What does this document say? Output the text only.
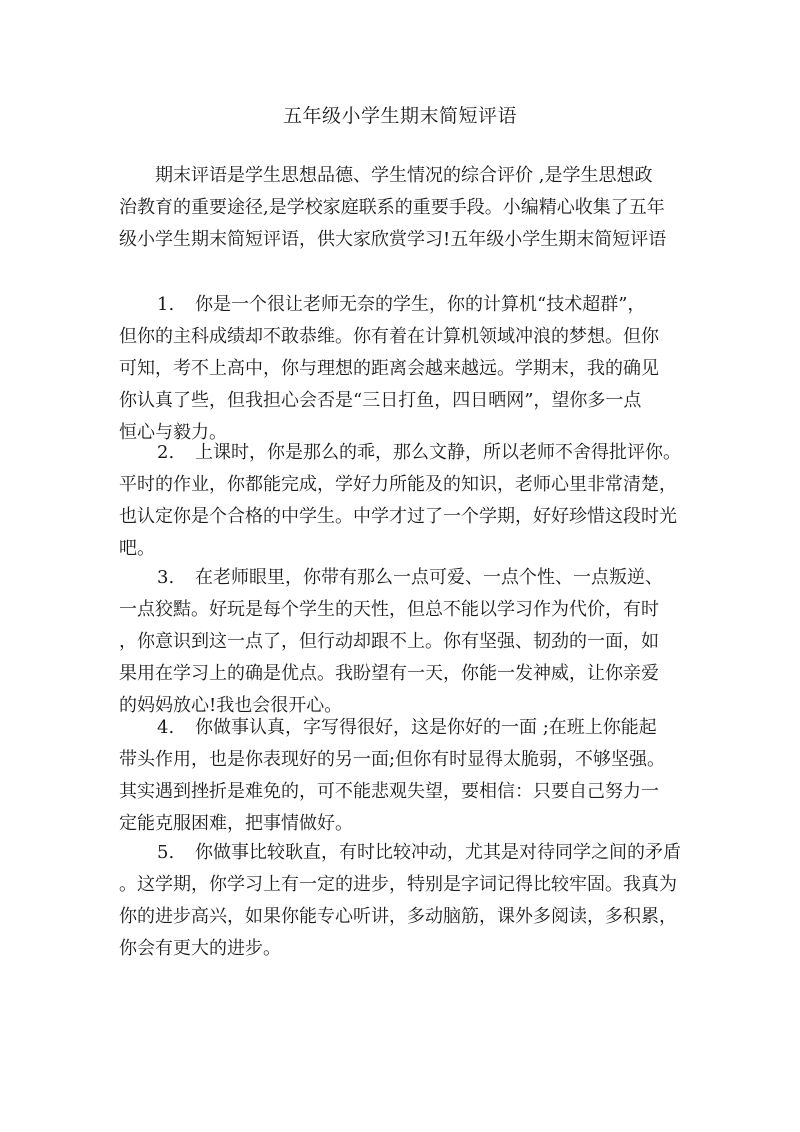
五年级小学生期末简短评语
期末评语是学生思想品德、学生情况的综合评价 ,是学生思想政
治教育的重要途径,是学校家庭联系的重要手段。小编精心收集了五年
级小学生期末简短评语，供大家欣赏学习!五年级小学生期末简短评语
1. 你是一个很让老师无奈的学生，你的计算机“技术超群”，
但你的主科成绩却不敢恭维。你有着在计算机领域冲浪的梦想。但你
可知，考不上高中，你与理想的距离会越来越远。学期末，我的确见
你认真了些，但我担心会否是“三日打鱼，四日晒网”，望你多一点
恒心与毅力。
2. 上课时，你是那么的乖，那么文静，所以老师不舍得批评你。
平时的作业，你都能完成，学好力所能及的知识，老师心里非常清楚，
也认定你是个合格的中学生。中学才过了一个学期，好好珍惜这段时光
吧。
3. 在老师眼里，你带有那么一点可爱、一点个性、一点叛逆、
一点狡黠。好玩是每个学生的天性，但总不能以学习作为代价，有时
，你意识到这一点了，但行动却跟不上。你有坚强、韧劲的一面，如
果用在学习上的确是优点。我盼望有一天，你能一发神威，让你亲爱
的妈妈放心!我也会很开心。
4. 你做事认真，字写得很好，这是你好的一面 ;在班上你能起
带头作用，也是你表现好的另一面;但你有时显得太脆弱，不够坚强。
其实遇到挫折是难免的，可不能悲观失望，要相信：只要自己努力一
定能克服困难，把事情做好。
5. 你做事比较耿直，有时比较冲动，尤其是对待同学之间的矛盾
。这学期，你学习上有一定的进步，特别是字词记得比较牢固。我真为
你的进步高兴，如果你能专心听讲，多动脑筋，课外多阅读，多积累，
你会有更大的进步。
